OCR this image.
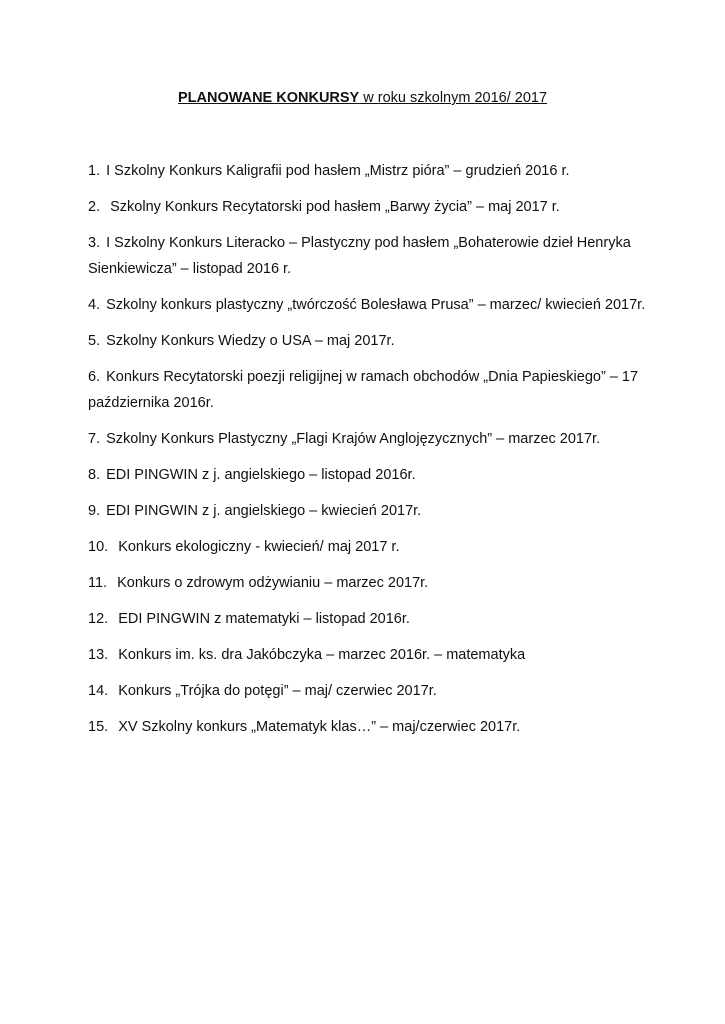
PLANOWANE KONKURSY w roku szkolnym 2016/ 2017
1. I Szkolny Konkurs Kaligrafii pod hasłem „Mistrz pióra” – grudzień 2016 r.
2. Szkolny Konkurs Recytatorski pod hasłem „Barwy życia” – maj 2017 r.
3. I Szkolny Konkurs Literacko – Plastyczny pod hasłem „Bohaterowie dzieł Henryka Sienkiewicza” – listopad 2016 r.
4. Szkolny konkurs plastyczny „twórczość Bolesława Prusa” – marzec/ kwiecień 2017r.
5. Szkolny Konkurs Wiedzy o USA – maj 2017r.
6. Konkurs Recytatorski poezji religijnej w ramach obchodów „Dnia Papieskiego” – 17 października 2016r.
7. Szkolny Konkurs Plastyczny „Flagi Krajów Anglojęzycznych” – marzec 2017r.
8. EDI PINGWIN z j. angielskiego – listopad 2016r.
9. EDI PINGWIN z j. angielskiego – kwiecień 2017r.
10. Konkurs ekologiczny - kwiecień/ maj 2017 r.
11. Konkurs o zdrowym odżywianiu – marzec 2017r.
12. EDI PINGWIN z matematyki – listopad 2016r.
13. Konkurs im. ks. dra Jakóbczyka – marzec 2016r. – matematyka
14. Konkurs „Trójka do potęgi” – maj/ czerwiec 2017r.
15. XV Szkolny konkurs „Matematyk klas…” – maj/czerwiec 2017r.
